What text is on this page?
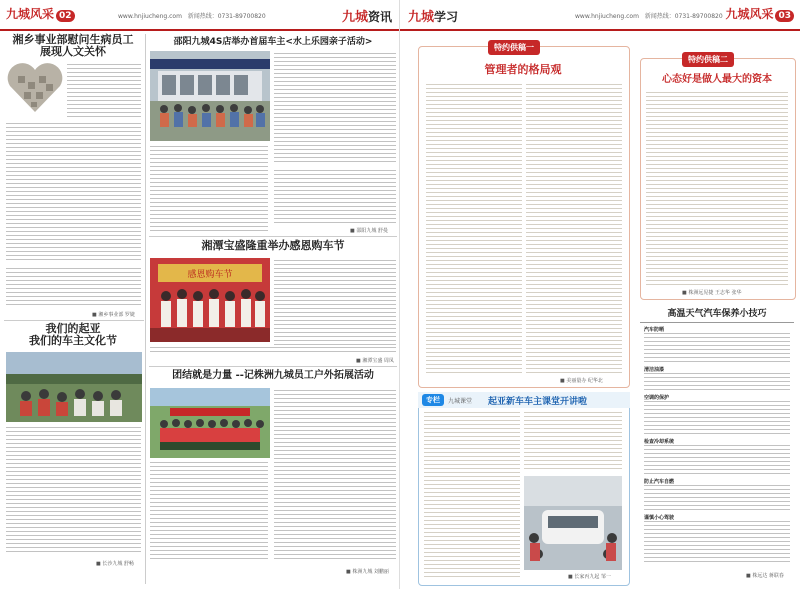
九城风采 02	www.hnjiucheng.com 新闻热线：0731-89700820	九城资讯
湘乡事业部慰问生病员工
展现人文关怀
■ 湘乡事业部 罗婕
我们的起亚
我们的车主文化节
■ 长沙九城 舒畅
邵阳九城4S店举办首届车主<水上乐园亲子活动>
■ 邵阳九城 舒曼
湘潭宝盛隆重举办感恩购车节
感恩购车节
■ 湘潭宝盛 周凤
团结就是力量 --记株洲九城员工户外拓展活动
■ 株洲九城 刘鹏丽
九城学习	www.hnjiucheng.com 新闻热线：0731-89700820 九城风采 03
特约供稿一
管理者的格局观
■ 美丽量办 纪华北
专栏	九城课堂 起亚新车车主课堂开讲啦
■ 长家丙九起 邹一
特约供稿二
心态好是做人最大的资本
■ 株洲远见捷 王志华 张华
高温天气汽车保养小技巧
汽车防晒
清洁油漆
空调的保护
检查冷却系统
防止汽车自燃
谨慎小心驾驶
■ 株远达 蒋联春
